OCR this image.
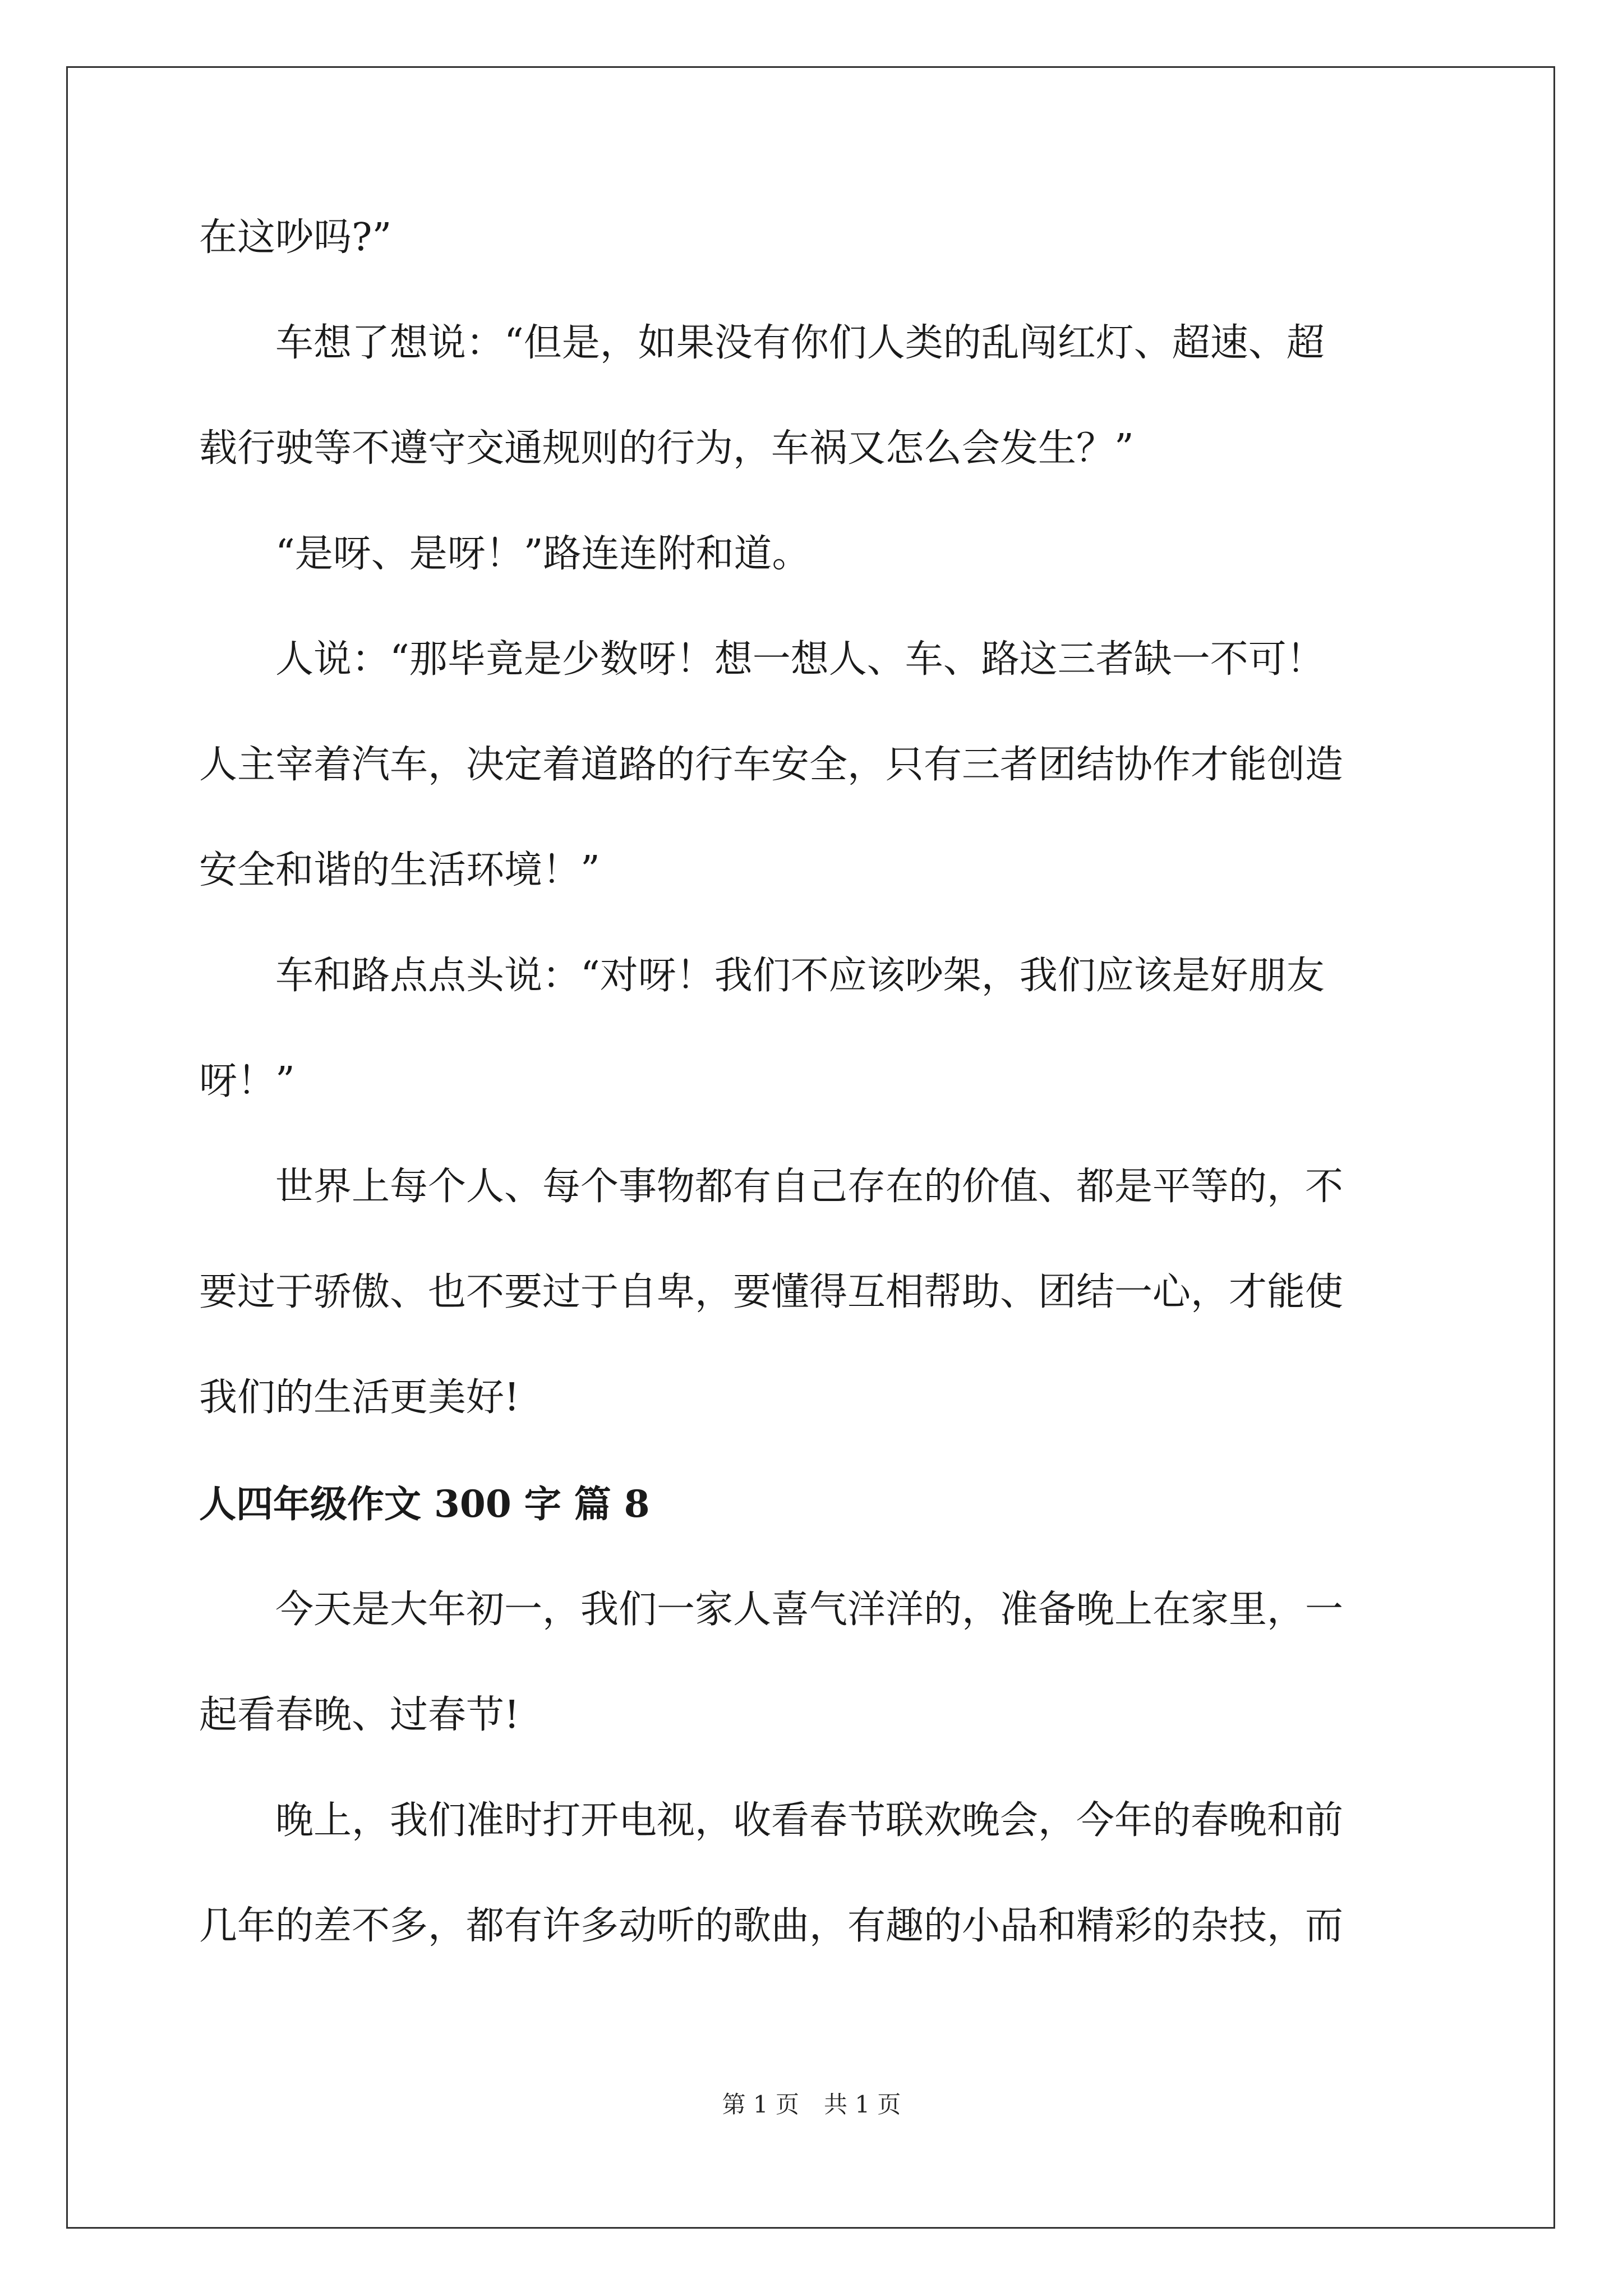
在这吵吗?”

车想了想说：“但是，如果没有你们人类的乱闯红灯、超速、超

载行驶等不遵守交通规则的行为，车祸又怎么会发生？”

“是呀、是呀！”路连连附和道。

人说：“那毕竟是少数呀！想一想人、车、路这三者缺一不可！

人主宰着汽车，决定着道路的行车安全，只有三者团结协作才能创造

安全和谐的生活环境！”

车和路点点头说：“对呀！我们不应该吵架，我们应该是好朋友

呀！”

世界上每个人、每个事物都有自己存在的价值、都是平等的，不

要过于骄傲、也不要过于自卑，要懂得互相帮助、团结一心，才能使

我们的生活更美好!

人四年级作文 300 字 篇 8

今天是大年初一，我们一家人喜气洋洋的，准备晚上在家里，一

起看春晚、过春节!

晚上，我们准时打开电视，收看春节联欢晚会，今年的春晚和前

几年的差不多，都有许多动听的歌曲，有趣的小品和精彩的杂技，而

第 1 页 共 1 页
